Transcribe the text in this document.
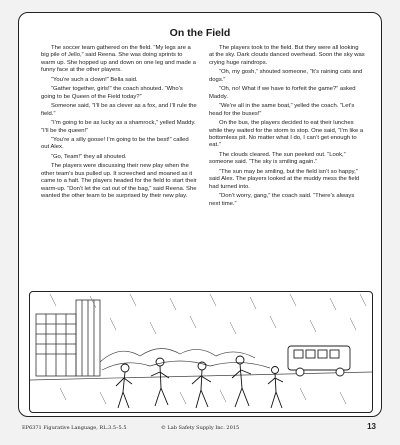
On the Field

The soccer team gathered on the field. “My legs are a big pile of Jello,” said Reena. She was doing sprints to warm up. She hopped up and down on one leg and made a funny face at the other players.

“You’re such a clown!” Bella said.

“Gather together, girls!” the coach shouted. “Who’s going to be Queen of the Field today?”

Someone said, “I’ll be as clever as a fox, and I’ll rule the field.”

“I’m going to be as lucky as a shamrock,” yelled Maddy. “I’ll be the queen!”

“You’re a silly goose! I’m going to be the best!” called out Alex.

“Go, Team!” they all shouted.

The players were discussing their new play when the other team’s bus pulled up. It screeched and moaned as it came to a halt. The players headed for the field to start their warm-up. “Don’t let the cat out of the bag,” said Reena. She wanted the other team to be surprised by their new play.

The players took to the field. But they were all looking at the sky. Dark clouds danced overhead. Soon the sky was crying huge raindrops.

“Oh, my gosh,” shouted someone, “It’s raining cats and dogs.”

“Oh, no! What if we have to forfeit the game?” asked Maddy.

“We’re all in the same boat,” yelled the coach. “Let’s head for the buses!”

On the bus, the players decided to eat their lunches while they waited for the storm to stop. One said, “I’m like a bottomless pit. No matter what I do, I can’t get enough to eat.”

The clouds cleared. The sun peeked out. “Look,” someone said. “The sky is smiling again.”

“The sun may be smiling, but the field isn’t so happy,” said Alex. The players looked at the muddy mess the field had turned into.

“Don’t worry, gang,” the coach said. “There’s always next time.”

EP6371 Figurative Language, RL.3.5–5.5	© Lab Safety Supply Inc. 2015	13
